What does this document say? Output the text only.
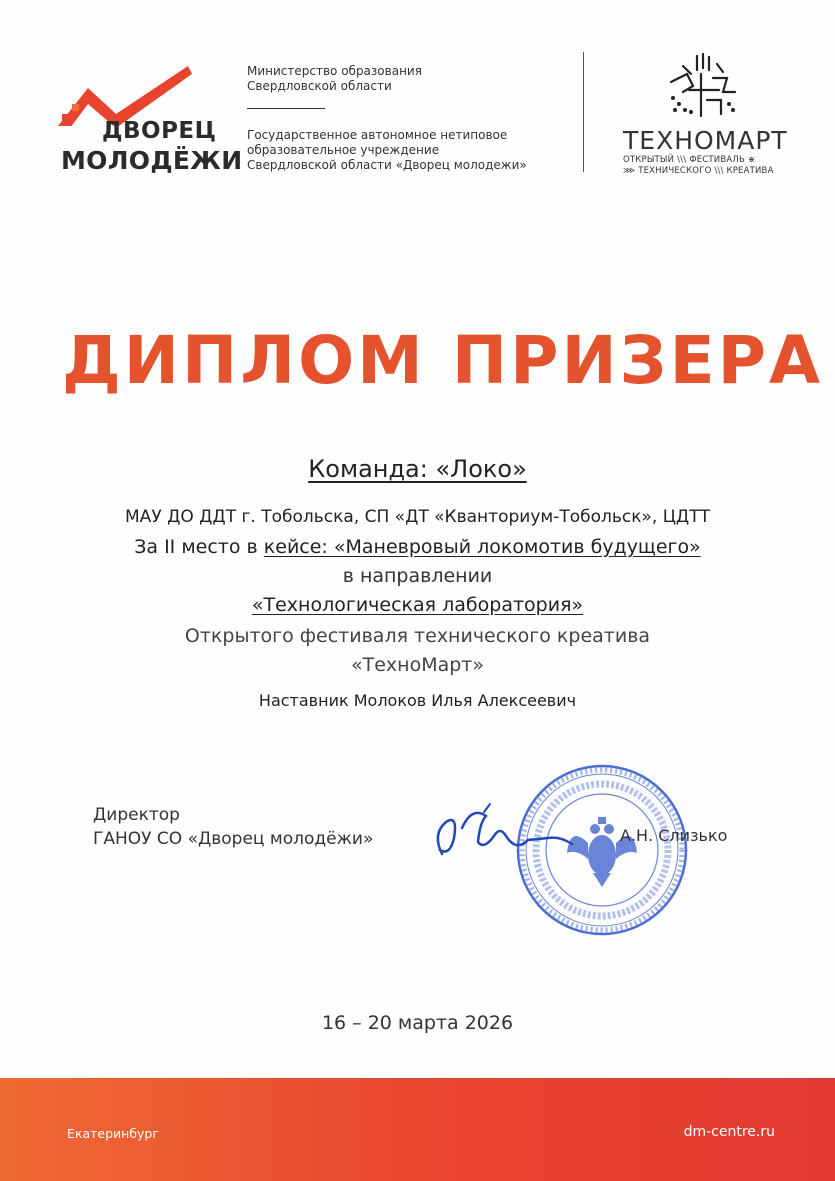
ДВОРЕЦ
МОЛОДЁЖИ
Министерство образования
Свердловской области
Государственное автономное нетиповое
образовательное учреждение
Свердловской области «Дворец молодежи»
ТЕХНОМАРТ
ОТКРЫТЫЙ \\\ ФЕСТИВАЛЬ ⋇
⋙ ТЕХНИЧЕСКОГО \\\ КРЕАТИВА
ДИПЛОМ ПРИЗЕРА
Команда: «Локо»
МАУ ДО ДДТ г. Тобольска, СП «ДТ «Кванториум-Тобольск», ЦДТТ
За II место в кейсе: «Маневровый локомотив будущего»
в направлении
«Технологическая лаборатория»
Открытого фестиваля технического креатива
«ТехноМарт»
Наставник Молоков Илья Алексеевич
Директор
ГАНОУ СО «Дворец молодёжи»	А.Н. Слизько
16 – 20 марта 2026
Екатеринбург	dm-centre.ru
